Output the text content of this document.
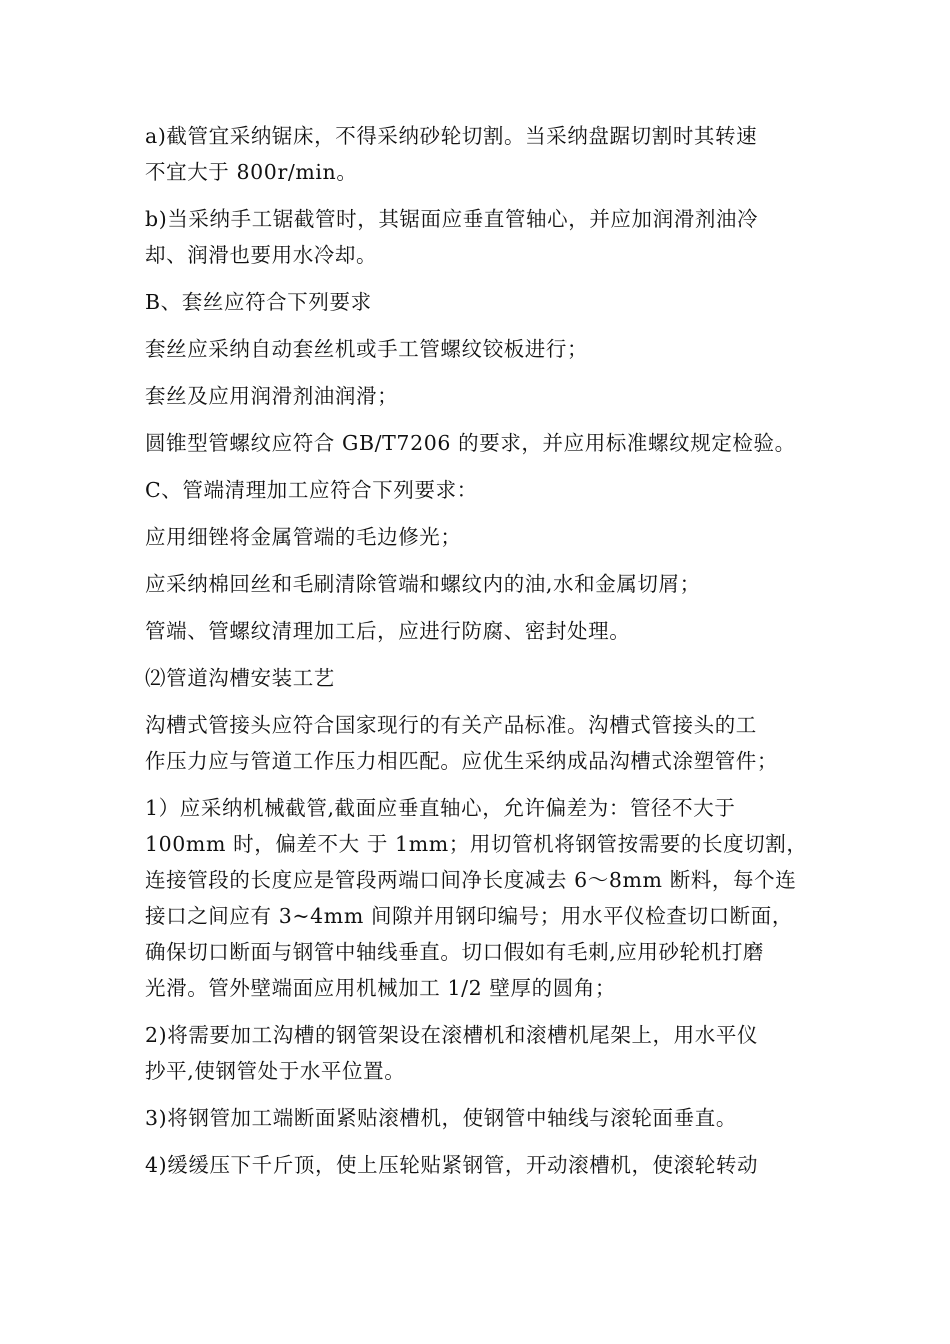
a)截管宜采纳锯床，不得采纳砂轮切割。当采纳盘踞切割时其转速
不宜大于 800r/min。

b)当采纳手工锯截管时，其锯面应垂直管轴心，并应加润滑剂油冷
却、润滑也要用水冷却。

B、套丝应符合下列要求

套丝应采纳自动套丝机或手工管螺纹铰板进行；

套丝及应用润滑剂油润滑；

圆锥型管螺纹应符合 GB/T7206 的要求，并应用标准螺纹规定检验。

C、管端清理加工应符合下列要求：

应用细锉将金属管端的毛边修光；

应采纳棉回丝和毛刷清除管端和螺纹内的油,水和金属切屑；

管端、管螺纹清理加工后，应进行防腐、密封处理。

⑵管道沟槽安装工艺

沟槽式管接头应符合国家现行的有关产品标准。沟槽式管接头的工
作压力应与管道工作压力相匹配。应优生采纳成品沟槽式涂塑管件；

1）应采纳机械截管,截面应垂直轴心，允许偏差为：管径不大于
100mm 时，偏差不大 于 1mm；用切管机将钢管按需要的长度切割，
连接管段的长度应是管段两端口间净长度减去 6～8mm 断料，每个连
接口之间应有 3~4mm 间隙并用钢印编号；用水平仪检查切口断面，
确保切口断面与钢管中轴线垂直。切口假如有毛刺,应用砂轮机打磨
光滑。管外壁端面应用机械加工 1/2 壁厚的圆角；

2)将需要加工沟槽的钢管架设在滚槽机和滚槽机尾架上，用水平仪
抄平,使钢管处于水平位置。

3)将钢管加工端断面紧贴滚槽机，使钢管中轴线与滚轮面垂直。

4)缓缓压下千斤顶，使上压轮贴紧钢管，开动滚槽机，使滚轮转动
